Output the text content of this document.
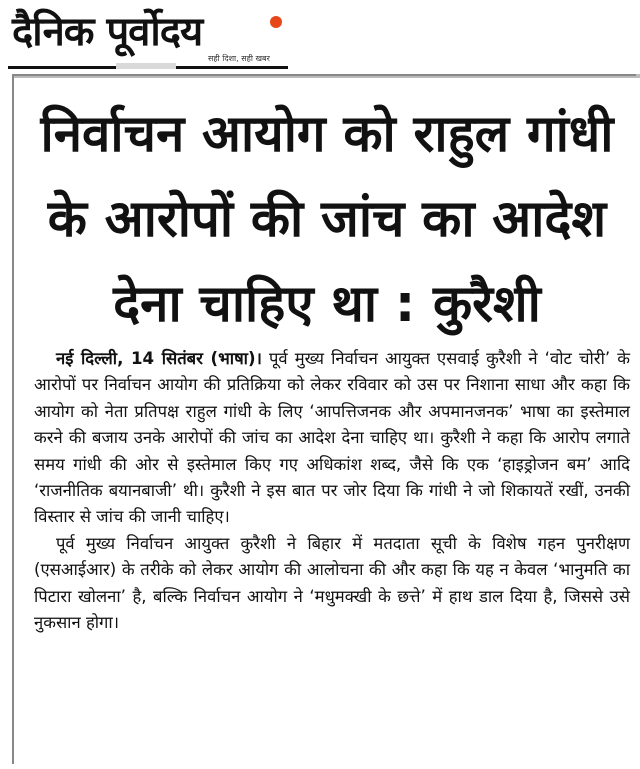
दैनिक पूर्वोदय
सही दिशा, सही खबर
निर्वाचन आयोग को राहुल गांधी के आरोपों की जांच का आदेश देना चाहिए था : कुरैशी

नई दिल्ली, 14 सितंबर (भाषा)। पूर्व मुख्य निर्वाचन आयुक्त एसवाई कुरैशी ने ‘वोट चोरी’ के आरोपों पर निर्वाचन आयोग की प्रतिक्रिया को लेकर रविवार को उस पर निशाना साधा और कहा कि आयोग को नेता प्रतिपक्ष राहुल गांधी के लिए ‘आपत्तिजनक और अपमानजनक’ भाषा का इस्तेमाल करने की बजाय उनके आरोपों की जांच का आदेश देना चाहिए था। कुरैशी ने कहा कि आरोप लगाते समय गांधी की ओर से इस्तेमाल किए गए अधिकांश शब्द, जैसे कि एक ‘हाइड्रोजन बम’ आदि ‘राजनीतिक बयानबाजी’ थी। कुरैशी ने इस बात पर जोर दिया कि गांधी ने जो शिकायतें रखीं, उनकी विस्तार से जांच की जानी चाहिए।

पूर्व मुख्य निर्वाचन आयुक्त कुरैशी ने बिहार में मतदाता सूची के विशेष गहन पुनरीक्षण (एसआईआर) के तरीके को लेकर आयोग की आलोचना की और कहा कि यह न केवल ‘भानुमति का पिटारा खोलना’ है, बल्कि निर्वाचन आयोग ने ‘मधुमक्खी के छत्ते’ में हाथ डाल दिया है, जिससे उसे नुकसान होगा।
